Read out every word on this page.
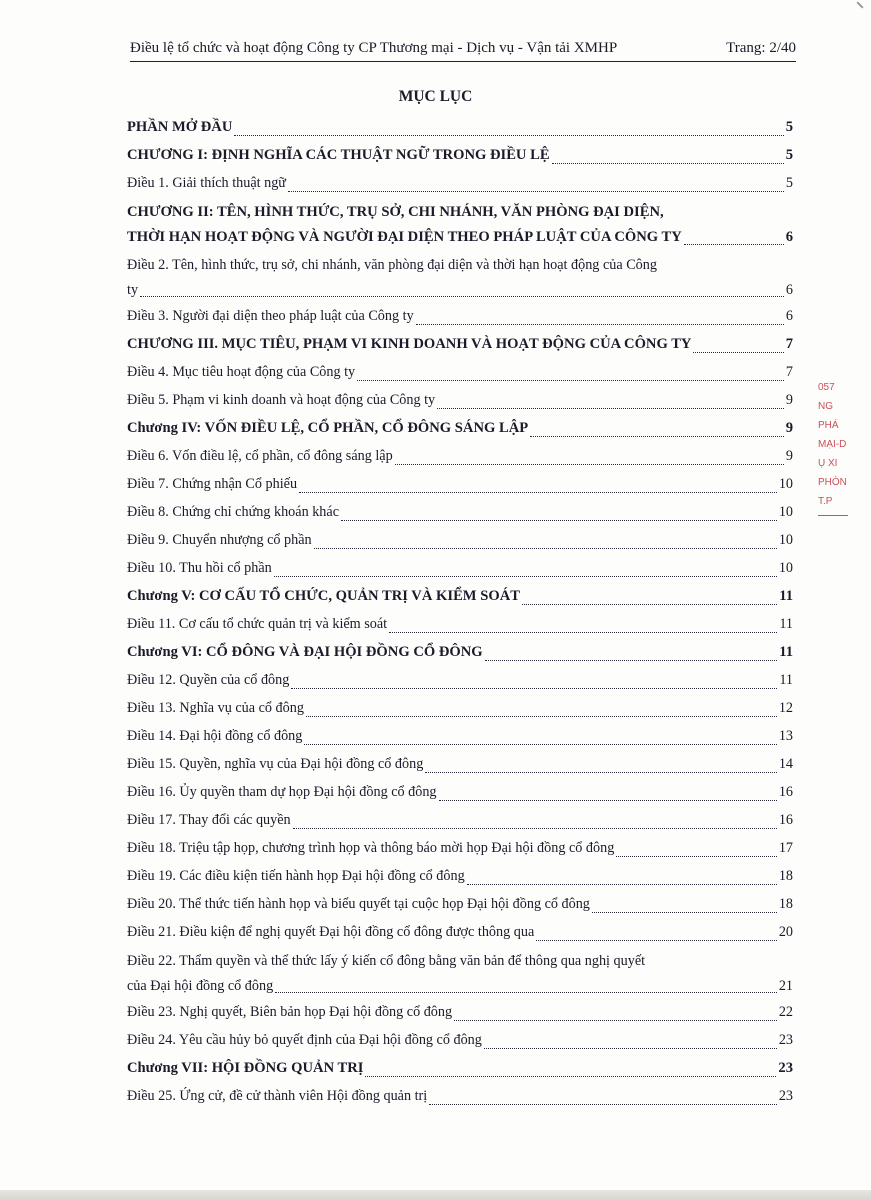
Điều lệ tổ chức và hoạt động Công ty CP Thương mại - Dịch vụ - Vận tải XMHP	Trang: 2/40
MỤC LỤC
PHẦN MỞ ĐẦU	5
CHƯƠNG I: ĐỊNH NGHĨA CÁC THUẬT NGỮ TRONG ĐIỀU LỆ	5
Điều 1. Giải thích thuật ngữ	5
CHƯƠNG II: TÊN, HÌNH THỨC, TRỤ SỞ, CHI NHÁNH, VĂN PHÒNG ĐẠI DIỆN,
THỜI HẠN HOẠT ĐỘNG VÀ NGƯỜI ĐẠI DIỆN THEO PHÁP LUẬT CỦA CÔNG TY	6
Điều 2. Tên, hình thức, trụ sở, chi nhánh, văn phòng đại diện và thời hạn hoạt động của Công
ty	6
Điều 3. Người đại diện theo pháp luật của Công ty	6
CHƯƠNG III. MỤC TIÊU, PHẠM VI KINH DOANH VÀ HOẠT ĐỘNG CỦA CÔNG TY	7
Điều 4. Mục tiêu hoạt động của Công ty	7
Điều 5. Phạm vi kinh doanh và hoạt động của Công ty	9
Chương IV: VỐN ĐIỀU LỆ, CỔ PHẦN, CỔ ĐÔNG SÁNG LẬP	9
Điều 6. Vốn điều lệ, cổ phần, cổ đông sáng lập	9
Điều 7. Chứng nhận Cổ phiếu	10
Điều 8. Chứng chỉ chứng khoán khác	10
Điều 9. Chuyển nhượng cổ phần	10
Điều 10. Thu hồi cổ phần	10
Chương V: CƠ CẤU TỔ CHỨC, QUẢN TRỊ VÀ KIỂM SOÁT	11
Điều 11. Cơ cấu tổ chức quản trị và kiểm soát	11
Chương VI: CỔ ĐÔNG VÀ ĐẠI HỘI ĐỒNG CỔ ĐÔNG	11
Điều 12. Quyền của cổ đông	11
Điều 13. Nghĩa vụ của cổ đông	12
Điều 14. Đại hội đồng cổ đông	13
Điều 15. Quyền, nghĩa vụ của Đại hội đồng cổ đông	14
Điều 16. Ủy quyền tham dự họp Đại hội đồng cổ đông	16
Điều 17. Thay đổi các quyền	16
Điều 18. Triệu tập họp, chương trình họp và thông báo mời họp Đại hội đồng cổ đông	17
Điều 19. Các điều kiện tiến hành họp Đại hội đồng cổ đông	18
Điều 20. Thể thức tiến hành họp và biểu quyết tại cuộc họp Đại hội đồng cổ đông	18
Điều 21. Điều kiện để nghị quyết Đại hội đồng cổ đông được thông qua	20
Điều 22. Thẩm quyền và thể thức lấy ý kiến cổ đông bằng văn bản để thông qua nghị quyết
của Đại hội đồng cổ đông	21
Điều 23. Nghị quyết, Biên bản họp Đại hội đồng cổ đông	22
Điều 24. Yêu cầu hủy bỏ quyết định của Đại hội đồng cổ đông	23
Chương VII: HỘI ĐỒNG QUẢN TRỊ	23
Điều 25. Ứng cử, đề cử thành viên Hội đồng quản trị	23
057
NG
PHÁ
MẠI-D
Ụ XI
PHÒN
T.P
